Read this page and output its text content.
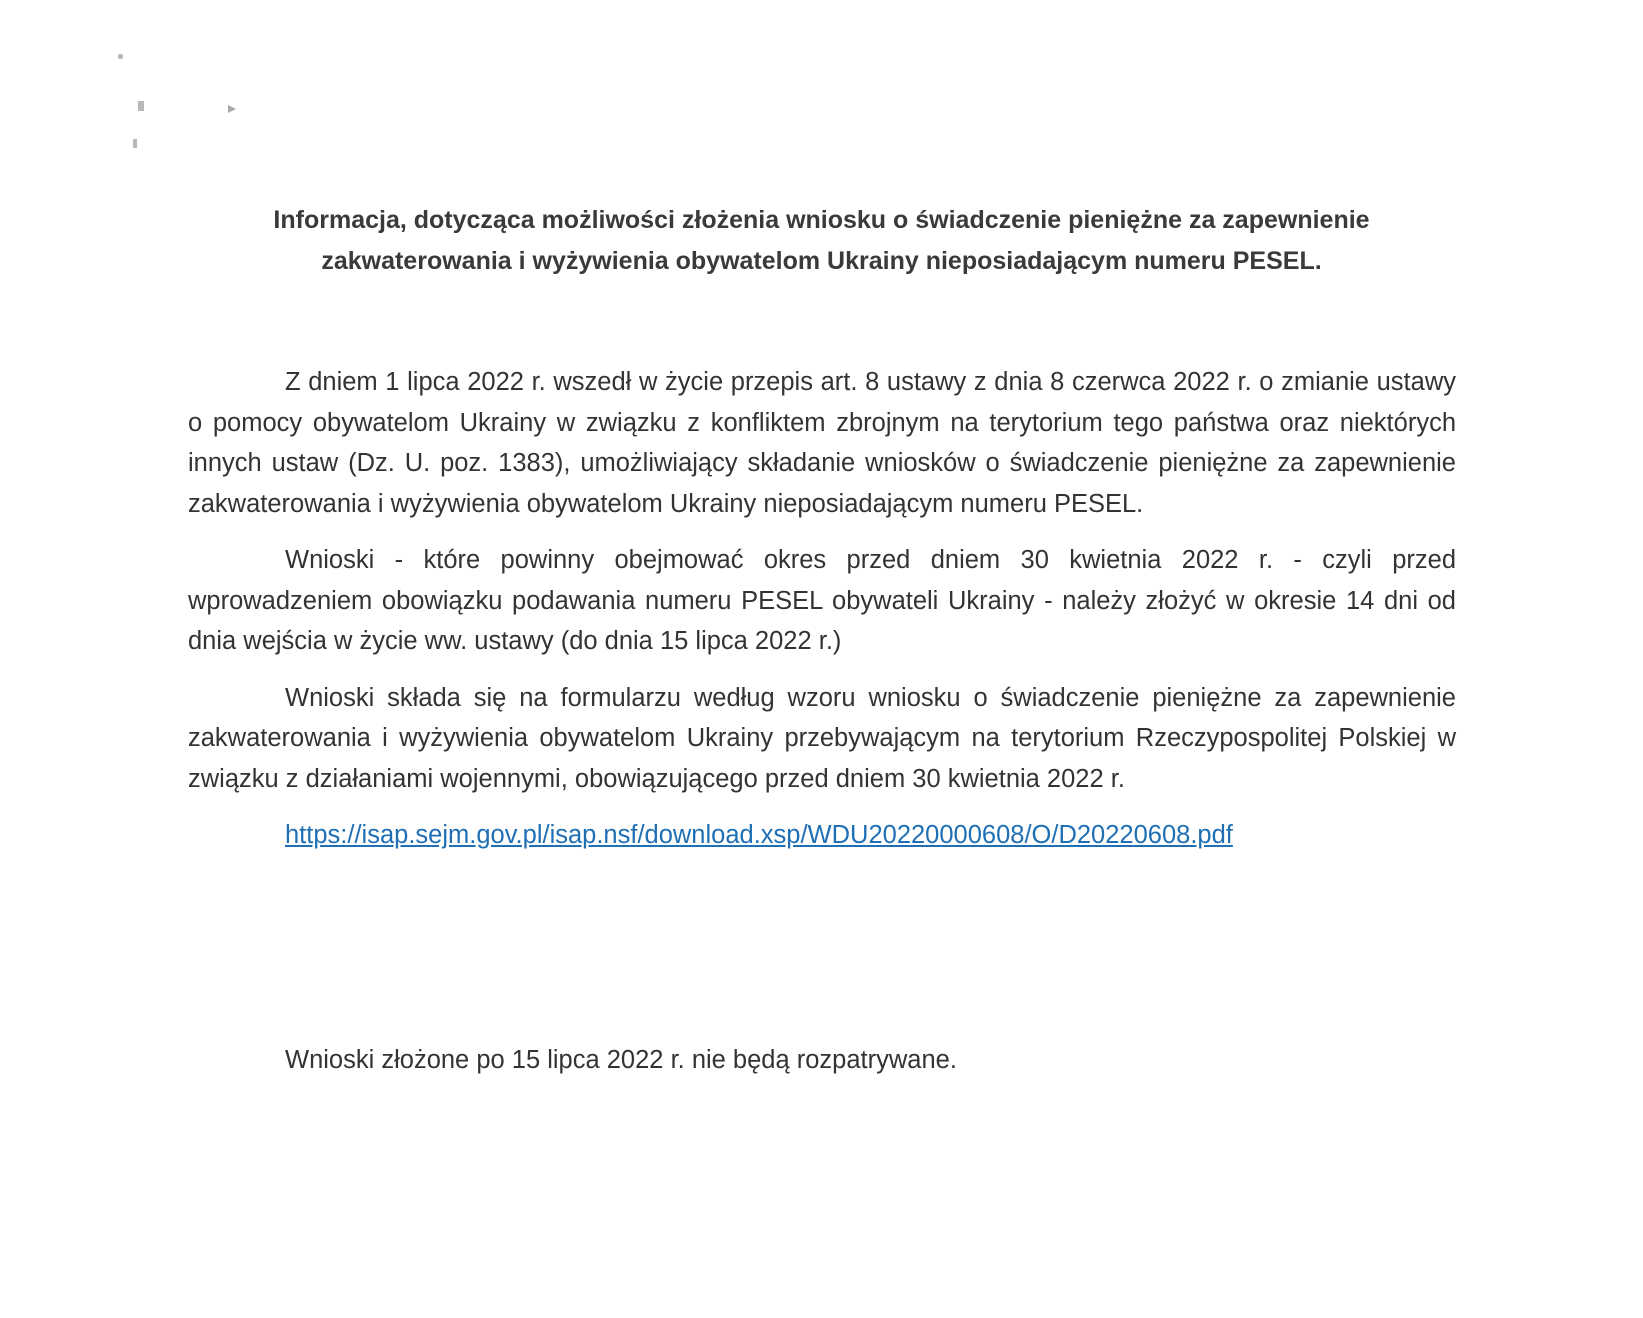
Informacja, dotycząca możliwości złożenia wniosku o świadczenie pieniężne za zapewnienie zakwaterowania i wyżywienia obywatelom Ukrainy nieposiadającym numeru PESEL.

Z dniem 1 lipca 2022 r. wszedł w życie przepis art. 8 ustawy z dnia 8 czerwca 2022 r. o zmianie ustawy o pomocy obywatelom Ukrainy w związku z konfliktem zbrojnym na terytorium tego państwa oraz niektórych innych ustaw (Dz. U. poz. 1383), umożliwiający składanie wniosków o świadczenie pieniężne za zapewnienie zakwaterowania i wyżywienia obywatelom Ukrainy nieposiadającym numeru PESEL.

Wnioski - które powinny obejmować okres przed dniem 30 kwietnia 2022 r. - czyli przed wprowadzeniem obowiązku podawania numeru PESEL obywateli Ukrainy - należy złożyć w okresie 14 dni od dnia wejścia w życie ww. ustawy (do dnia 15 lipca 2022 r.)

Wnioski składa się na formularzu według wzoru wniosku o świadczenie pieniężne za zapewnienie zakwaterowania i wyżywienia obywatelom Ukrainy przebywającym na terytorium Rzeczypospolitej Polskiej w związku z działaniami wojennymi, obowiązującego przed dniem 30 kwietnia 2022 r.

https://isap.sejm.gov.pl/isap.nsf/download.xsp/WDU20220000608/O/D20220608.pdf

Wnioski złożone po 15 lipca 2022 r. nie będą rozpatrywane.
